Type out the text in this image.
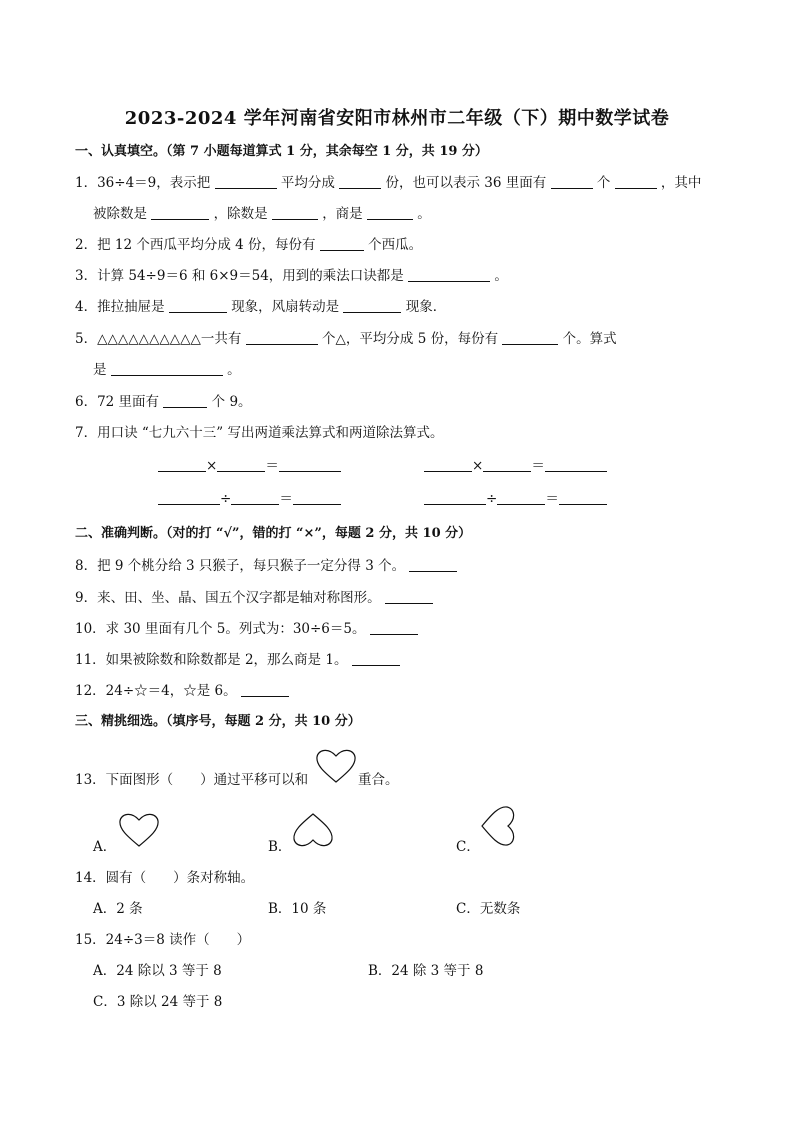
2023-2024 学年河南省安阳市林州市二年级（下）期中数学试卷
一、认真填空。（第 7 小题每道算式 1 分，其余每空 1 分，共 19 分）
1．36÷4＝9，表示把	平均分成	份，也可以表示 36 里面有	个	，其中
被除数是	，除数是	，商是	。
2．把 12 个西瓜平均分成 4 份，每份有	个西瓜。
3．计算 54÷9＝6 和 6×9＝54，用到的乘法口诀都是	。
4．推拉抽屉是	现象，风扇转动是	现象．
5．△△△△△△△△△△一共有	个△，平均分成 5 份，每份有	个。算式
是	。
6．72 里面有	个 9。
7．用口诀 “七九六十三” 写出两道乘法算式和两道除法算式。
×	＝	×	＝
÷	＝	÷	＝
二、准确判断。（对的打 “√”，错的打 “×”，每题 2 分，共 10 分）
8．把 9 个桃分给 3 只猴子，每只猴子一定分得 3 个。
9．来、田、坐、晶、国五个汉字都是轴对称图形。
10．求 30 里面有几个 5。列式为：30÷6＝5。
11．如果被除数和除数都是 2，那么商是 1。
12．24÷☆＝4，☆是 6。
三、精挑细选。（填序号，每题 2 分，共 10 分）
13．下面图形（　　）通过平移可以和	重合。
A．	B．	C．
14．圆有（　　）条对称轴。
A．2 条	B．10 条	C．无数条
15．24÷3＝8 读作（　　）
A．24 除以 3 等于 8	B．24 除 3 等于 8
C．3 除以 24 等于 8
